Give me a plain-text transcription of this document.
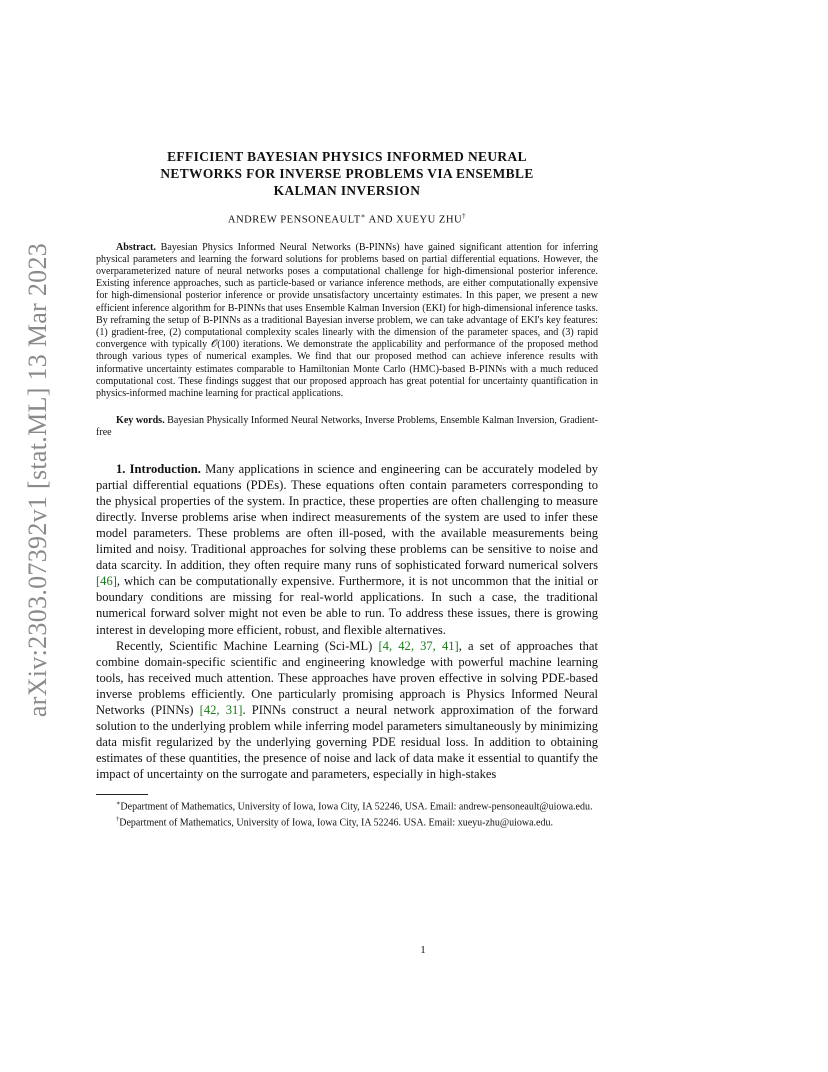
arXiv:2303.07392v1 [stat.ML] 13 Mar 2023
EFFICIENT BAYESIAN PHYSICS INFORMED NEURAL
NETWORKS FOR INVERSE PROBLEMS VIA ENSEMBLE
KALMAN INVERSION
ANDREW PENSONEAULT∗ AND XUEYU ZHU†
Abstract. Bayesian Physics Informed Neural Networks (B-PINNs) have gained significant attention for inferring physical parameters and learning the forward solutions for problems based on partial differential equations. However, the overparameterized nature of neural networks poses a computational challenge for high-dimensional posterior inference. Existing inference approaches, such as particle-based or variance inference methods, are either computationally expensive for high-dimensional posterior inference or provide unsatisfactory uncertainty estimates. In this paper, we present a new efficient inference algorithm for B-PINNs that uses Ensemble Kalman Inversion (EKI) for high-dimensional inference tasks. By reframing the setup of B-PINNs as a traditional Bayesian inverse problem, we can take advantage of EKI's key features: (1) gradient-free, (2) computational complexity scales linearly with the dimension of the parameter spaces, and (3) rapid convergence with typically 𝒪(100) iterations. We demonstrate the applicability and performance of the proposed method through various types of numerical examples. We find that our proposed method can achieve inference results with informative uncertainty estimates comparable to Hamiltonian Monte Carlo (HMC)-based B-PINNs with a much reduced computational cost. These findings suggest that our proposed approach has great potential for uncertainty quantification in physics-informed machine learning for practical applications.
Key words. Bayesian Physically Informed Neural Networks, Inverse Problems, Ensemble Kalman Inversion, Gradient-free

1. Introduction. Many applications in science and engineering can be accurately modeled by partial differential equations (PDEs). These equations often contain parameters corresponding to the physical properties of the system. In practice, these properties are often challenging to measure directly. Inverse problems arise when indirect measurements of the system are used to infer these model parameters. These problems are often ill-posed, with the available measurements being limited and noisy. Traditional approaches for solving these problems can be sensitive to noise and data scarcity. In addition, they often require many runs of sophisticated forward numerical solvers [46], which can be computationally expensive. Furthermore, it is not uncommon that the initial or boundary conditions are missing for real-world applications. In such a case, the traditional numerical forward solver might not even be able to run. To address these issues, there is growing interest in developing more efficient, robust, and flexible alternatives.

Recently, Scientific Machine Learning (Sci-ML) [4, 42, 37, 41], a set of approaches that combine domain-specific scientific and engineering knowledge with powerful machine learning tools, has received much attention. These approaches have proven effective in solving PDE-based inverse problems efficiently. One particularly promising approach is Physics Informed Neural Networks (PINNs) [42, 31]. PINNs construct a neural network approximation of the forward solution to the underlying problem while inferring model parameters simultaneously by minimizing data misfit regularized by the underlying governing PDE residual loss. In addition to obtaining estimates of these quantities, the presence of noise and lack of data make it essential to quantify the impact of uncertainty on the surrogate and parameters, especially in high-stakes

∗Department of Mathematics, University of Iowa, Iowa City, IA 52246, USA. Email: andrew-pensoneault@uiowa.edu.

†Department of Mathematics, University of Iowa, Iowa City, IA 52246. USA. Email: xueyu-zhu@uiowa.edu.

1
